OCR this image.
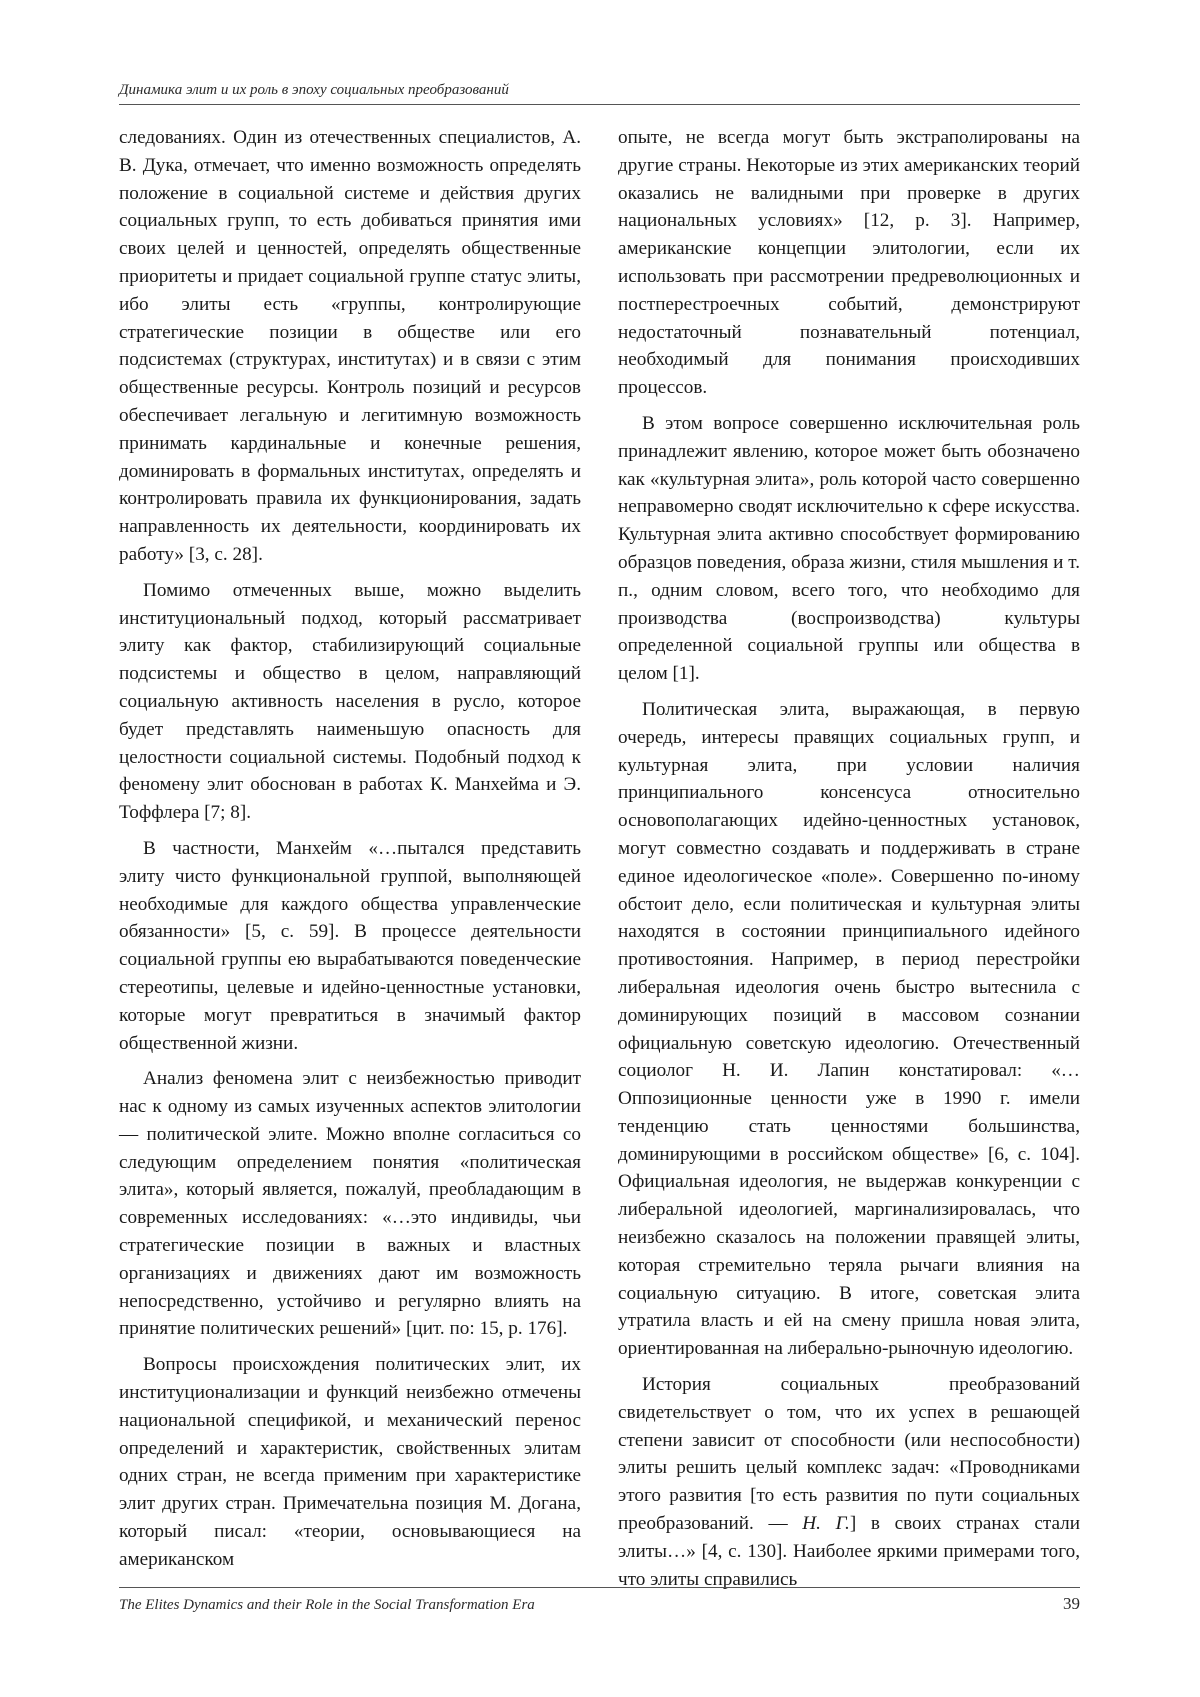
Динамика элит и их роль в эпоху социальных преобразований

следованиях. Один из отечественных специалистов, А. В. Дука, отмечает, что именно возможность определять положение в социальной системе и действия других социальных групп, то есть добиваться принятия ими своих целей и ценностей, определять общественные приоритеты и придает социальной группе статус элиты, ибо элиты есть «группы, контролирующие стратегические позиции в обществе или его подсистемах (структурах, институтах) и в связи с этим общественные ресурсы. Контроль позиций и ресурсов обеспечивает легальную и легитимную возможность принимать кардинальные и конечные решения, доминировать в формальных институтах, определять и контролировать правила их функционирования, задать направленность их деятельности, координировать их работу» [3, с. 28].

Помимо отмеченных выше, можно выделить институциональный подход, который рассматривает элиту как фактор, стабилизирующий социальные подсистемы и общество в целом, направляющий социальную активность населения в русло, которое будет представлять наименьшую опасность для целостности социальной системы. Подобный подход к феномену элит обоснован в работах К. Манхейма и Э. Тоффлера [7; 8].

В частности, Манхейм «…пытался представить элиту чисто функциональной группой, выполняющей необходимые для каждого общества управленческие обязанности» [5, с. 59]. В процессе деятельности социальной группы ею вырабатываются поведенческие стереотипы, целевые и идейно-ценностные установки, которые могут превратиться в значимый фактор общественной жизни.

Анализ феномена элит с неизбежностью приводит нас к одному из самых изученных аспектов элитологии — политической элите. Можно вполне согласиться со следующим определением понятия «политическая элита», который является, пожалуй, преобладающим в современных исследованиях: «…это индивиды, чьи стратегические позиции в важных и властных организациях и движениях дают им возможность непосредственно, устойчиво и регулярно влиять на принятие политических решений» [цит. по: 15, p. 176].

Вопросы происхождения политических элит, их институционализации и функций неизбежно отмечены национальной спецификой, и механический перенос определений и характеристик, свойственных элитам одних стран, не всегда применим при характеристике элит других стран. Примечательна позиция М. Догана, который писал: «теории, основывающиеся на американском

опыте, не всегда могут быть экстраполированы на другие страны. Некоторые из этих американских теорий оказались не валидными при проверке в других национальных условиях» [12, p. 3]. Например, американские концепции элитологии, если их использовать при рассмотрении предреволюционных и постперестроечных событий, демонстрируют недостаточный познавательный потенциал, необходимый для понимания происходивших процессов.

В этом вопросе совершенно исключительная роль принадлежит явлению, которое может быть обозначено как «культурная элита», роль которой часто совершенно неправомерно сводят исключительно к сфере искусства. Культурная элита активно способствует формированию образцов поведения, образа жизни, стиля мышления и т. п., одним словом, всего того, что необходимо для производства (воспроизводства) культуры определенной социальной группы или общества в целом [1].

Политическая элита, выражающая, в первую очередь, интересы правящих социальных групп, и культурная элита, при условии наличия принципиального консенсуса относительно основополагающих идейно-ценностных установок, могут совместно создавать и поддерживать в стране единое идеологическое «поле». Совершенно по-иному обстоит дело, если политическая и культурная элиты находятся в состоянии принципиального идейного противостояния. Например, в период перестройки либеральная идеология очень быстро вытеснила с доминирующих позиций в массовом сознании официальную советскую идеологию. Отечественный социолог Н. И. Лапин констатировал: «…Оппозиционные ценности уже в 1990 г. имели тенденцию стать ценностями большинства, доминирующими в российском обществе» [6, с. 104]. Официальная идеология, не выдержав конкуренции с либеральной идеологией, маргинализировалась, что неизбежно сказалось на положении правящей элиты, которая стремительно теряла рычаги влияния на социальную ситуацию. В итоге, советская элита утратила власть и ей на смену пришла новая элита, ориентированная на либерально-рыночную идеологию.

История социальных преобразований свидетельствует о том, что их успех в решающей степени зависит от способности (или неспособности) элиты решить целый комплекс задач: «Проводниками этого развития [то есть развития по пути социальных преобразований. — Н. Г.] в своих странах стали элиты…» [4, с. 130]. Наиболее яркими примерами того, что элиты справились

The Elites Dynamics and their Role in the Social Transformation Era	39
